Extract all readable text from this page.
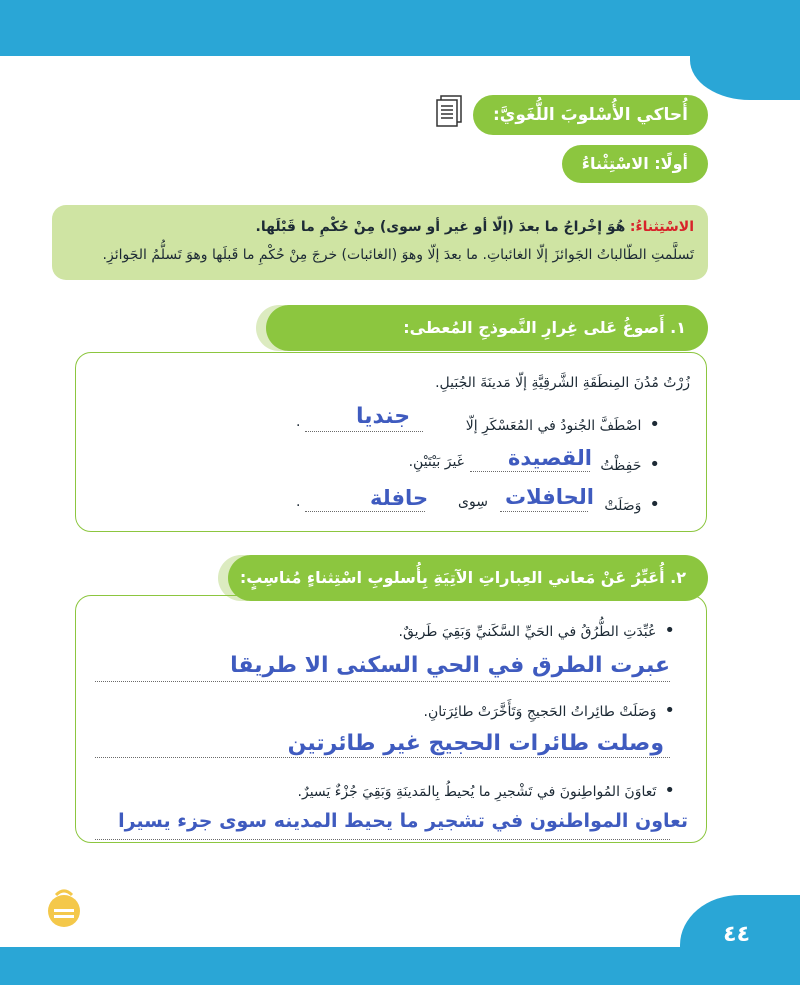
أُحاكي الأُسْلوبَ اللُّغَويَّ:
أولًا: الاسْتِثْناءُ
الاسْتِثناءُ: هُوَ إخْراجُ ما بعدَ (إلّا أو غير أو سوى) مِنْ حُكْمِ ما قَبْلَها.
تَسلَّمتِ الطّالباتُ الجَوائزَ إلّا الغائباتِ. ما بعدَ إلّا وهوَ (الغائبات) خرجَ مِنْ حُكْمِ ما قَبلَها وهوَ تَسلُّمُ الجَوائزِ.
١. أَصوغُ عَلى غِرارِ النَّموذجِ المُعطى:
زُرْتُ مُدُنَ المِنطَقَةِ الشَّرقِيَّةِ إلّا مَدينَةَ الجُبَيلِ.
• اصْطَفَّ الجُنودُ في المُعَسْكَرِ إلّا
.	جنديا
• حَفِظْتُ
القصيدة
غَيرَ بَيْتَيْنِ.
• وَصَلَتْ
الحافلات
سِوى
حافلة
.
٢. أُعَبِّرُ عَنْ مَعاني العِباراتِ الآتِيَةِ بِأُسلوبِ اسْتِثناءٍ مُناسِبٍ:
• عُبِّدَتِ الطُّرُقُ في الحَيِّ السَّكَنيِّ وَبَقِيَ طَريقٌ.
عبرت الطرق في الحي السكنى الا طريقا
• وَصَلَتْ طائِراتُ الحَجيجِ وَتَأَخَّرَتْ طائِرَتانِ.
وصلت طائرات الحجيج غير طائرتين
• تَعاوَنَ المُواطِنونَ في تَشْجيرِ ما يُحيطُ بِالمَدينَةِ وَبَقِيَ جُزْءٌ يَسيرٌ.
تعاون المواطنون في تشجير ما يحيط المدينه سوى جزء يسيرا
٤٤
